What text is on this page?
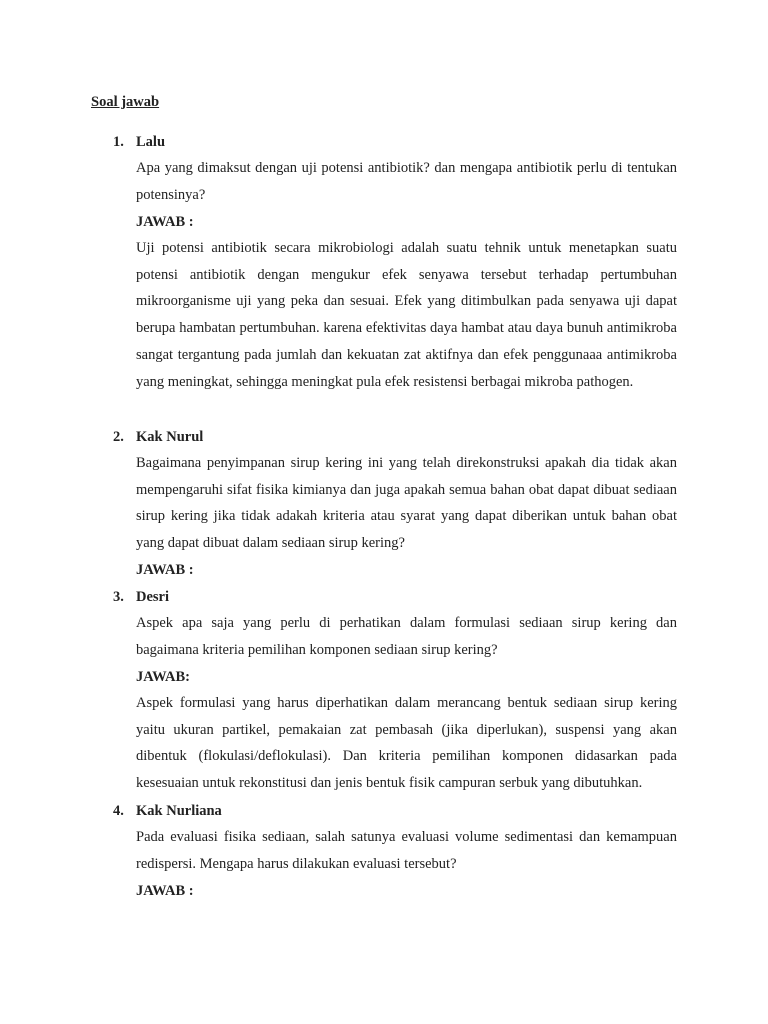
Soal jawab
1. Lalu

Apa yang dimaksut dengan uji potensi antibiotik? dan mengapa antibiotik perlu di tentukan potensinya?

JAWAB :

Uji potensi antibiotik secara mikrobiologi adalah suatu tehnik untuk menetapkan suatu potensi antibiotik dengan mengukur efek senyawa tersebut terhadap pertumbuhan mikroorganisme uji yang peka dan sesuai. Efek yang ditimbulkan pada senyawa uji dapat berupa hambatan pertumbuhan. karena efektivitas daya hambat atau daya bunuh antimikroba sangat tergantung pada jumlah dan kekuatan zat aktifnya dan efek penggunaaa antimikroba yang meningkat, sehingga meningkat pula efek resistensi berbagai mikroba pathogen.

2. Kak Nurul

Bagaimana penyimpanan sirup kering ini yang telah direkonstruksi apakah dia tidak akan mempengaruhi sifat fisika kimianya dan juga apakah semua bahan obat dapat dibuat sediaan sirup kering jika tidak adakah kriteria atau syarat yang dapat diberikan untuk bahan obat yang dapat dibuat dalam sediaan sirup kering?

JAWAB :
3. Desri

Aspek apa saja yang perlu di perhatikan dalam formulasi sediaan sirup kering dan bagaimana kriteria pemilihan komponen sediaan sirup kering?

JAWAB:

Aspek formulasi yang harus diperhatikan dalam merancang bentuk sediaan sirup kering yaitu ukuran partikel, pemakaian zat pembasah (jika diperlukan), suspensi yang akan dibentuk (flokulasi/deflokulasi). Dan kriteria pemilihan komponen didasarkan pada kesesuaian untuk rekonstitusi dan jenis bentuk fisik campuran serbuk yang dibutuhkan.

4. Kak Nurliana

Pada evaluasi fisika sediaan, salah satunya evaluasi volume sedimentasi dan kemampuan redispersi. Mengapa harus dilakukan evaluasi tersebut?

JAWAB :
